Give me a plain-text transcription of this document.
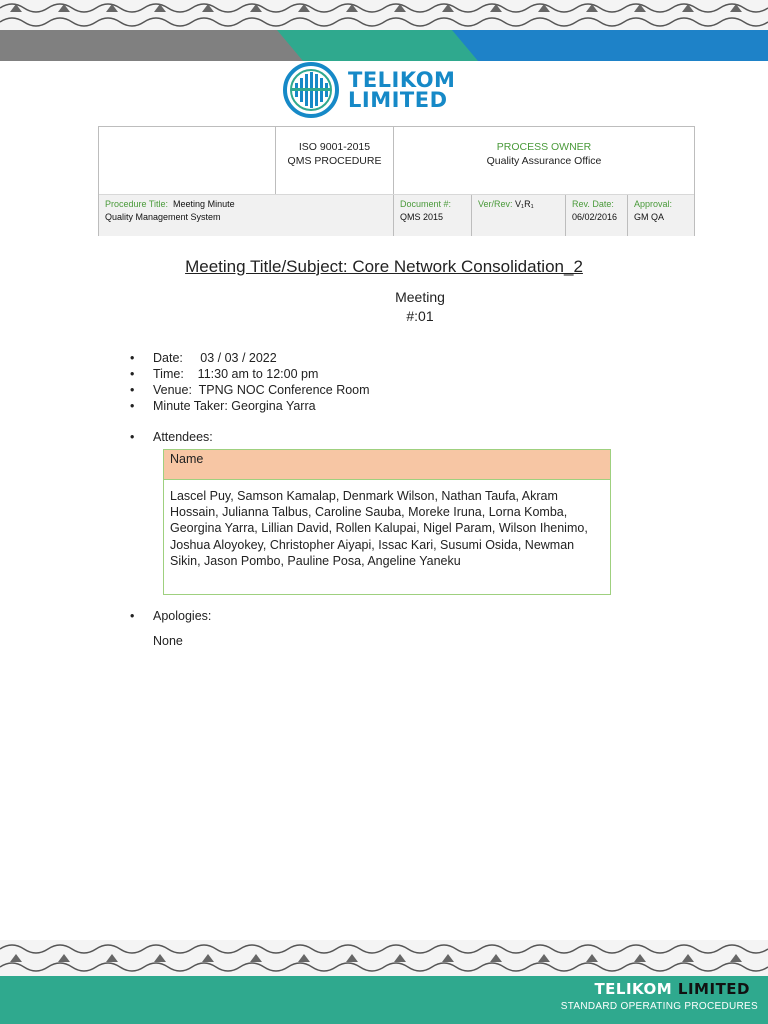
TELIKOM
LIMITED
ISO 9001-2015
QMS PROCEDURE
PROCESS OWNER
Quality Assurance Office
Procedure Title: Meeting Minute
Quality Management System
Document #:
QMS 2015
Ver/Rev: V₁R₁	Rev. Date:
06/02/2016
Approval:
GM QA
Meeting Title/Subject: Core Network Consolidation_2
Meeting
#:01
• Date:     03 / 03 / 2022
• Time:    11:30 am to 12:00 pm
• Venue:  TPNG NOC Conference Room
• Minute Taker: Georgina Yarra
• Attendees:
Name
Lascel Puy, Samson Kamalap, Denmark Wilson, Nathan Taufa, Akram Hossain, Julianna Talbus, Caroline Sauba, Moreke Iruna, Lorna Komba, Georgina Yarra, Lillian David, Rollen Kalupai, Nigel Param, Wilson Ihenimo, Joshua Aloyokey, Christopher Aiyapi, Issac Kari, Susumi Osida, Newman Sikin, Jason Pombo, Pauline Posa, Angeline Yaneku
• Apologies:
None
TELIKOM LIMITED
STANDARD OPERATING PROCEDURES
